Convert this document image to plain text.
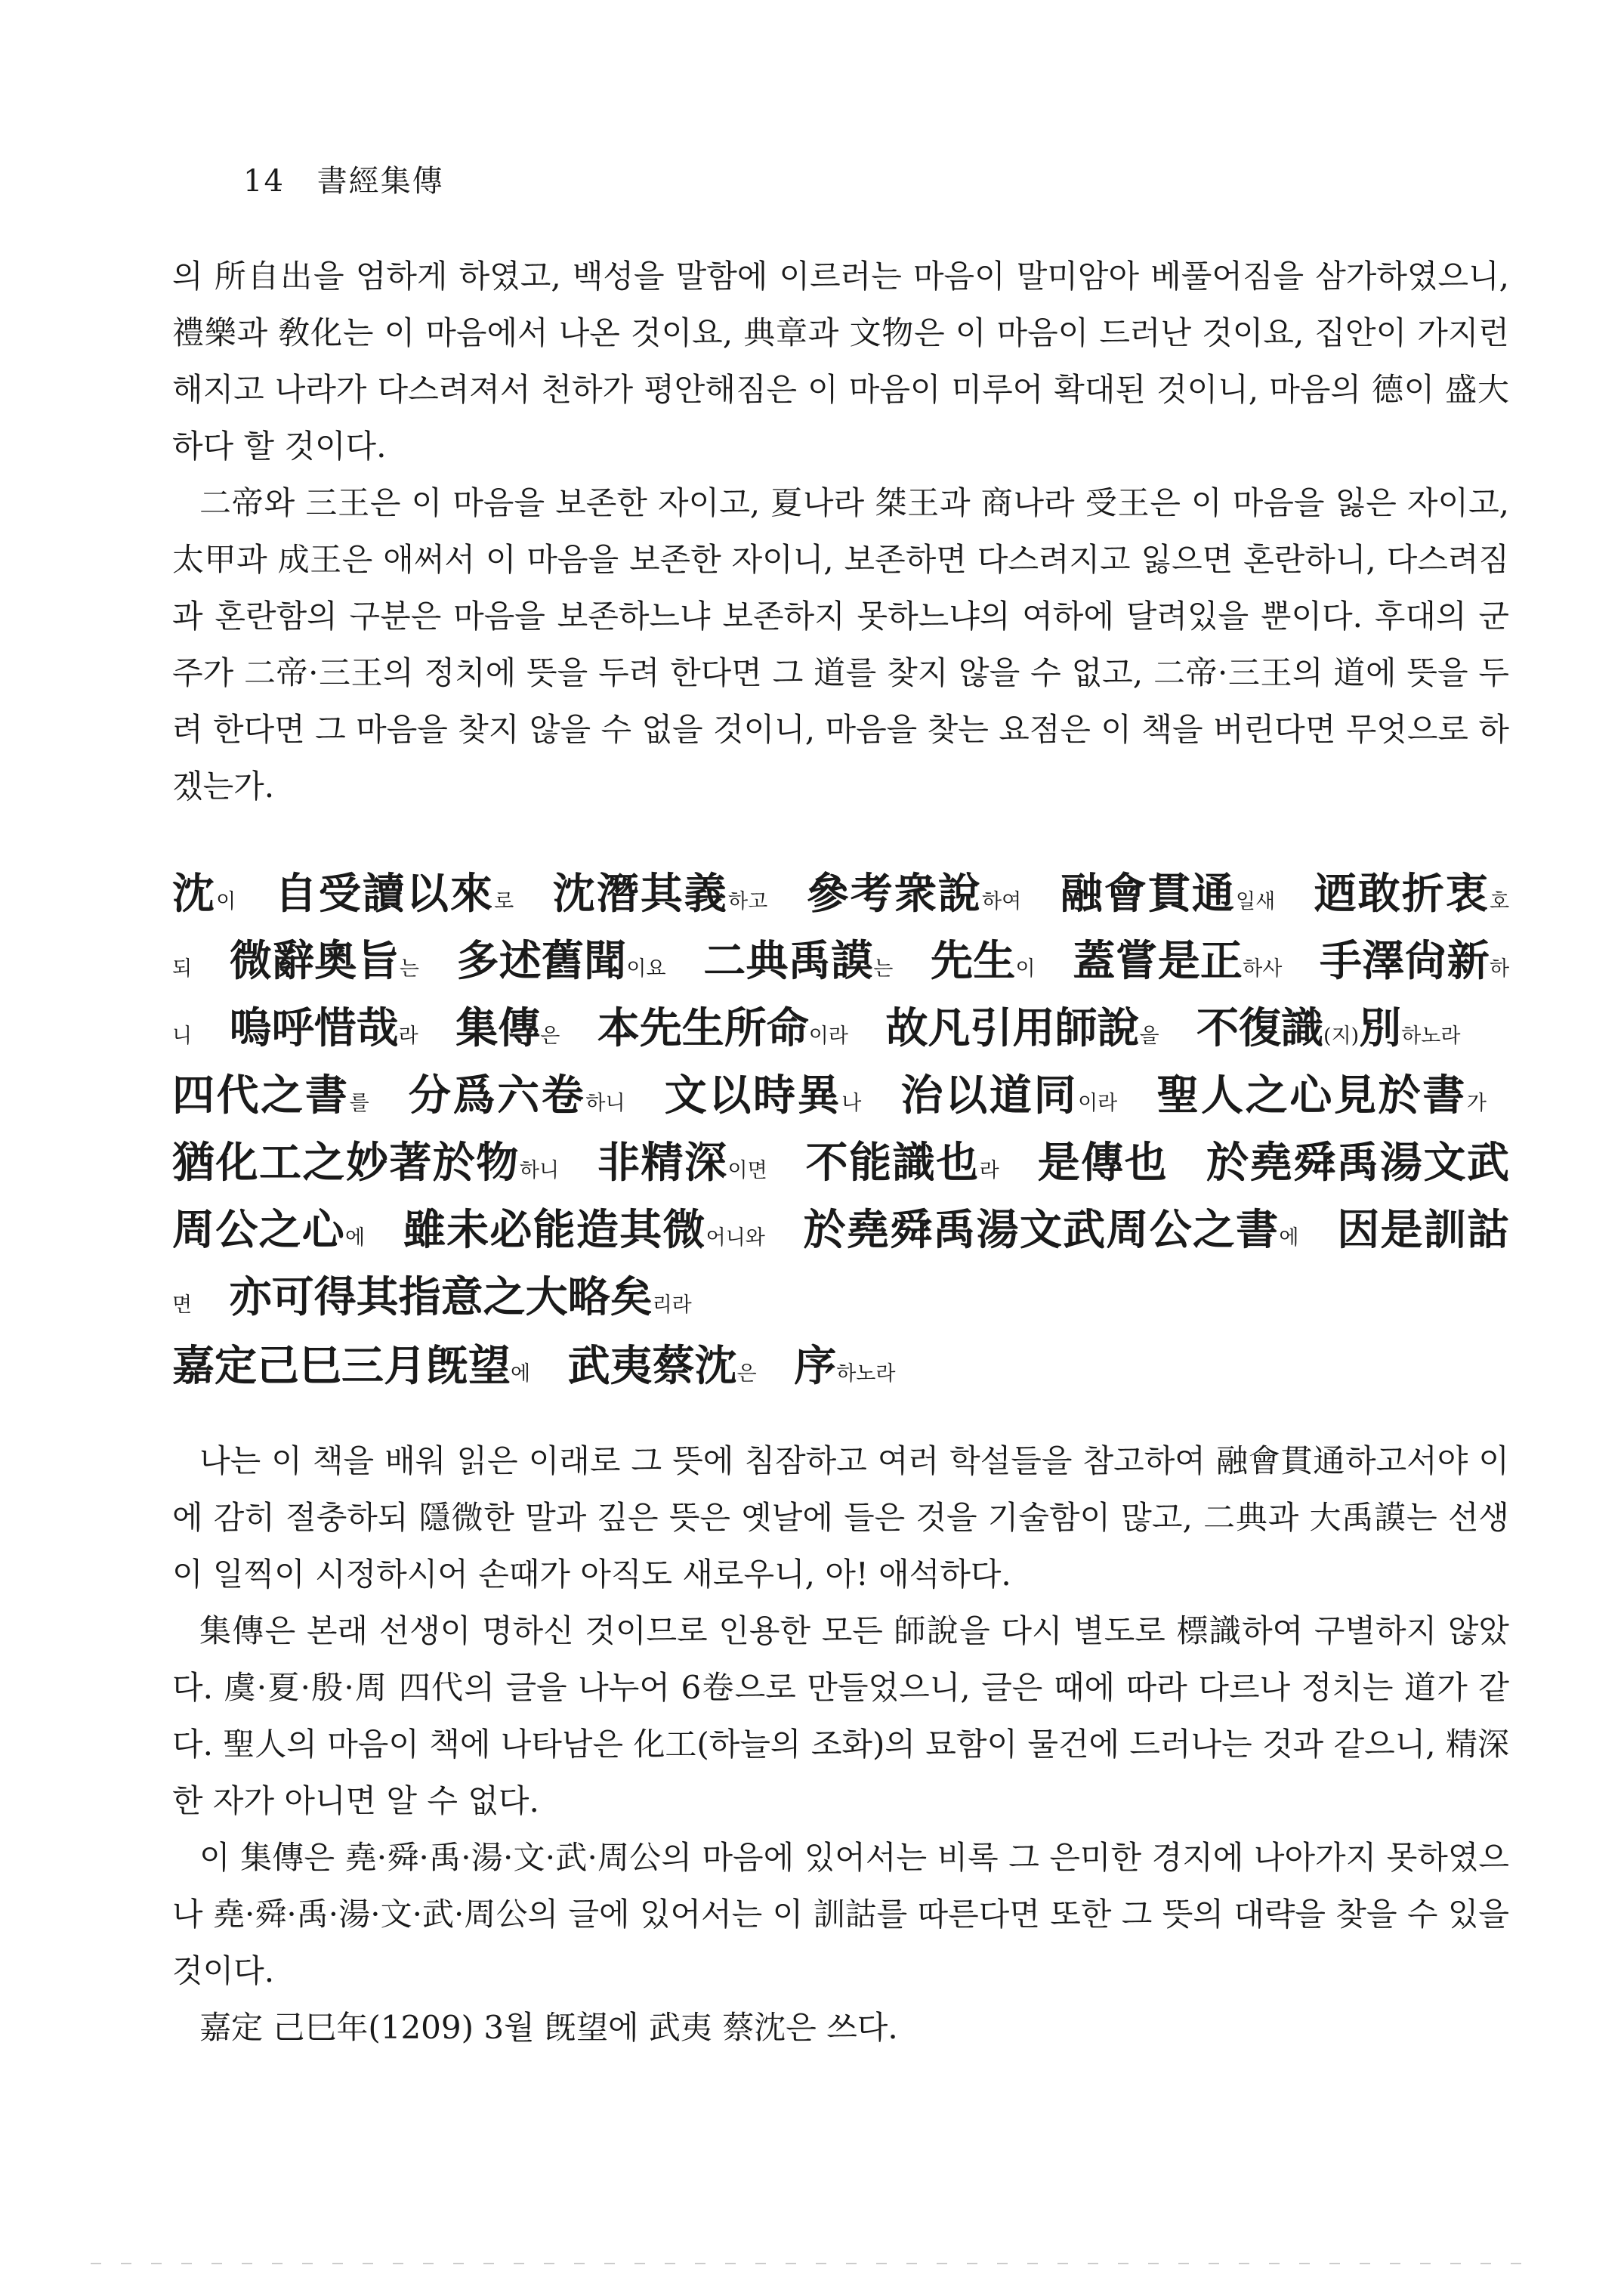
14 書經集傳

의 所自出을 엄하게 하였고, 백성을 말함에 이르러는 마음이 말미암아 베풀어짐을 삼가하였으니, 禮樂과 敎化는 이 마음에서 나온 것이요, 典章과 文物은 이 마음이 드러난 것이요, 집안이 가지런해지고 나라가 다스려져서 천하가 평안해짐은 이 마음이 미루어 확대된 것이니, 마음의 德이 盛大하다 할 것이다.

二帝와 三王은 이 마음을 보존한 자이고, 夏나라 桀王과 商나라 受王은 이 마음을 잃은 자이고, 太甲과 成王은 애써서 이 마음을 보존한 자이니, 보존하면 다스려지고 잃으면 혼란하니, 다스려짐과 혼란함의 구분은 마음을 보존하느냐 보존하지 못하느냐의 여하에 달려있을 뿐이다. 후대의 군주가 二帝·三王의 정치에 뜻을 두려 한다면 그 道를 찾지 않을 수 없고, 二帝·三王의 道에 뜻을 두려 한다면 그 마음을 찾지 않을 수 없을 것이니, 마음을 찾는 요점은 이 책을 버린다면 무엇으로 하겠는가.

沈이 自受讀以來로 沈潛其義하고 參考衆說하여 融會貫通일새 迺敢折衷호되 微辭奧旨는 多述舊聞이요 二典禹謨는 先生이 蓋嘗是正하사 手澤尙新하니 嗚呼惜哉라 集傳은 本先生所命이라 故凡引用師說을 不復識(지)別하노라

四代之書를 分爲六卷하니 文以時異나 治以道同이라 聖人之心見於書가 猶化工之妙著於物하니 非精深이면 不能識也라 是傳也 於堯舜禹湯文武周公之心에 雖未必能造其微어니와 於堯舜禹湯文武周公之書에 因是訓詁면 亦可得其指意之大略矣리라

嘉定己巳三月旣望에 武夷蔡沈은 序하노라

나는 이 책을 배워 읽은 이래로 그 뜻에 침잠하고 여러 학설들을 참고하여 融會貫通하고서야 이에 감히 절충하되 隱微한 말과 깊은 뜻은 옛날에 들은 것을 기술함이 많고, 二典과 大禹謨는 선생이 일찍이 시정하시어 손때가 아직도 새로우니, 아! 애석하다.

集傳은 본래 선생이 명하신 것이므로 인용한 모든 師說을 다시 별도로 標識하여 구별하지 않았다. 虞·夏·殷·周 四代의 글을 나누어 6卷으로 만들었으니, 글은 때에 따라 다르나 정치는 道가 같다. 聖人의 마음이 책에 나타남은 化工(하늘의 조화)의 묘함이 물건에 드러나는 것과 같으니, 精深한 자가 아니면 알 수 없다.

이 集傳은 堯·舜·禹·湯·文·武·周公의 마음에 있어서는 비록 그 은미한 경지에 나아가지 못하였으나 堯·舜·禹·湯·文·武·周公의 글에 있어서는 이 訓詁를 따른다면 또한 그 뜻의 대략을 찾을 수 있을 것이다.

嘉定 己巳年(1209) 3월 旣望에 武夷 蔡沈은 쓰다.
